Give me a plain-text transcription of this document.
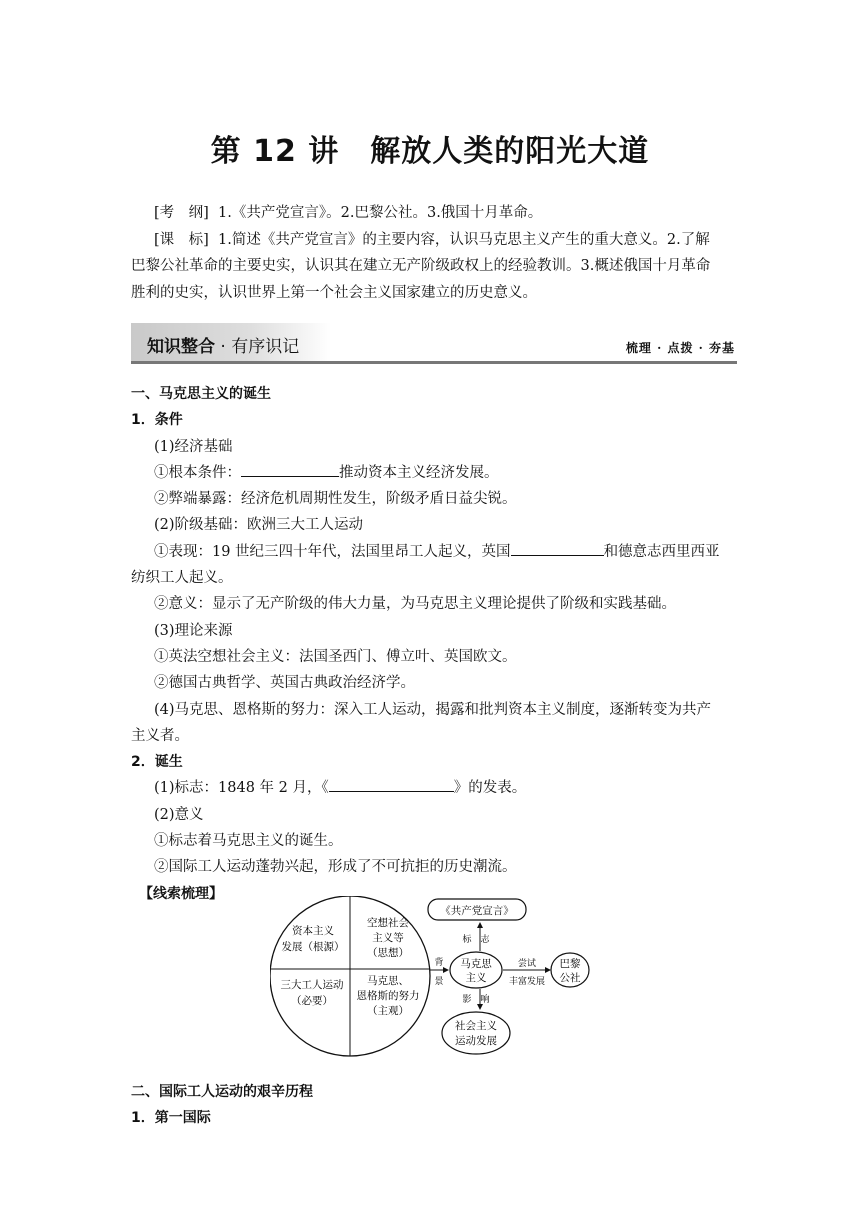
第 12 讲　解放人类的阳光大道

[考　纲] 1.《共产党宣言》。2.巴黎公社。3.俄国十月革命。

[课　标] 1.简述《共产党宣言》的主要内容，认识马克思主义产生的重大意义。2.了解

巴黎公社革命的主要史实，认识其在建立无产阶级政权上的经验教训。3.概述俄国十月革命

胜利的史实，认识世界上第一个社会主义国家建立的历史意义。

知识整合 · 有序识记	梳理 · 点拨 · 夯基

一、马克思主义的诞生

1．条件

(1)经济基础

①根本条件：	推动资本主义经济发展。

②弊端暴露：经济危机周期性发生，阶级矛盾日益尖锐。

(2)阶级基础：欧洲三大工人运动

①表现：19 世纪三四十年代，法国里昂工人起义，英国	和德意志西里西亚

纺织工人起义。

②意义：显示了无产阶级的伟大力量，为马克思主义理论提供了阶级和实践基础。

(3)理论来源

①英法空想社会主义：法国圣西门、傅立叶、英国欧文。

②德国古典哲学、英国古典政治经济学。

(4)马克思、恩格斯的努力：深入工人运动，揭露和批判资本主义制度，逐渐转变为共产

主义者。

2．诞生

(1)标志：1848 年 2 月，《	》的发表。

(2)意义

①标志着马克思主义的诞生。

②国际工人运动蓬勃兴起，形成了不可抗拒的历史潮流。

【线索梳理】

二、国际工人运动的艰辛历程

1．第一国际

资本主义
发展（根源）
空想社会
主义等
（思想）
三大工人运动
（必要）
马克思、
恩格斯的努力
（主观）
背
景
马克思
主义
《共产党宣言》
标　志
尝试
丰富发展
巴黎
公社
影　响
社会主义
运动发展
